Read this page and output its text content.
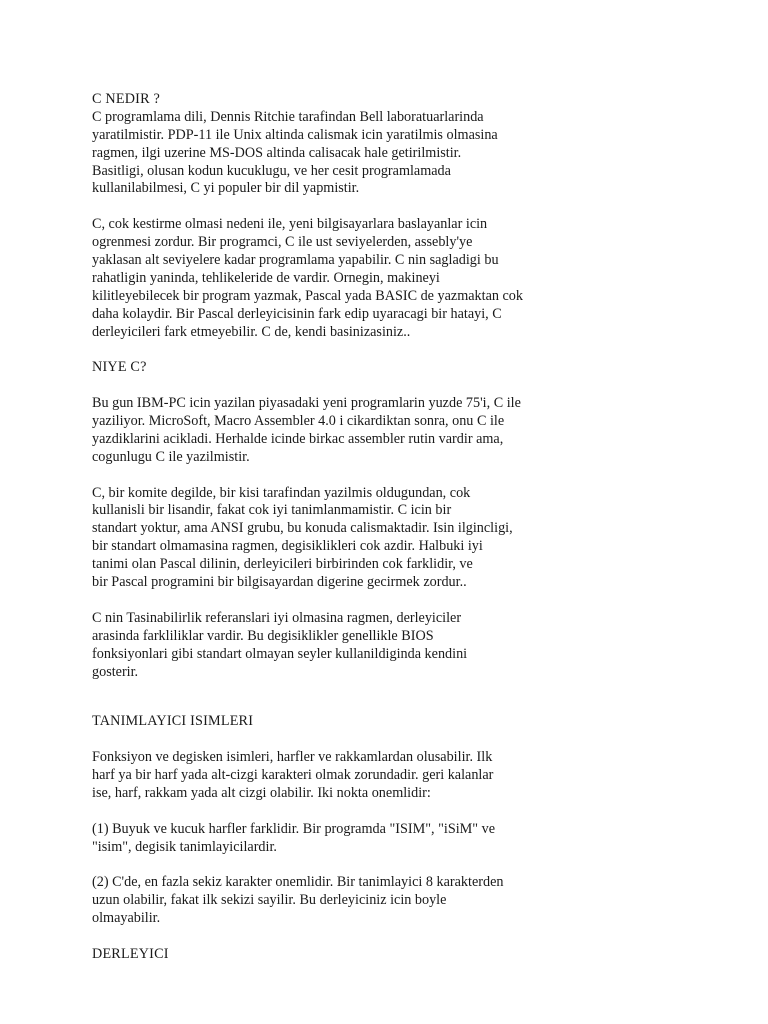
C NEDIR ?
C programlama dili, Dennis Ritchie tarafindan Bell laboratuarlarinda
yaratilmistir. PDP-11 ile Unix altinda calismak icin yaratilmis olmasina
ragmen, ilgi uzerine MS-DOS altinda calisacak hale getirilmistir.
Basitligi, olusan kodun kucuklugu, ve her cesit programlamada
kullanilabilmesi, C yi populer bir dil yapmistir.
C, cok kestirme olmasi nedeni ile, yeni bilgisayarlara baslayanlar icin
ogrenmesi zordur. Bir programci, C ile ust seviyelerden, assebly'ye
yaklasan alt seviyelere kadar programlama yapabilir. C nin sagladigi bu
rahatligin yaninda, tehlikeleride de vardir. Ornegin, makineyi
kilitleyebilecek bir program yazmak, Pascal yada BASIC de yazmaktan cok
daha kolaydir. Bir Pascal derleyicisinin fark edip uyaracagi bir hatayi, C
derleyicileri fark etmeyebilir. C de, kendi basinizasiniz..
NIYE C?
Bu gun IBM-PC icin yazilan piyasadaki yeni programlarin yuzde 75'i, C ile
yaziliyor. MicroSoft, Macro Assembler 4.0 i cikardiktan sonra, onu C ile
yazdiklarini acikladi. Herhalde icinde birkac assembler rutin vardir ama,
cogunlugu C ile yazilmistir.
C, bir komite degilde, bir kisi tarafindan yazilmis oldugundan, cok
kullanisli bir lisandir, fakat cok iyi tanimlanmamistir. C icin bir
standart yoktur, ama ANSI grubu, bu konuda calismaktadir. Isin ilgincligi,
bir standart olmamasina ragmen, degisiklikleri cok azdir. Halbuki iyi
tanimi olan Pascal dilinin, derleyicileri birbirinden cok farklidir, ve
bir Pascal programini bir bilgisayardan digerine gecirmek zordur..
C nin Tasinabilirlik referanslari iyi olmasina ragmen, derleyiciler
arasinda farkliliklar vardir. Bu degisiklikler genellikle BIOS
fonksiyonlari gibi standart olmayan seyler kullanildiginda kendini
gosterir.
TANIMLAYICI ISIMLERI
Fonksiyon ve degisken isimleri, harfler ve rakkamlardan olusabilir. Ilk
harf ya bir harf yada alt-cizgi karakteri olmak zorundadir. geri kalanlar
ise, harf, rakkam yada alt cizgi olabilir. Iki nokta onemlidir:
(1) Buyuk ve kucuk harfler farklidir. Bir programda "ISIM", "iSiM" ve
"isim", degisik tanimlayicilardir.
(2) C'de, en fazla sekiz karakter onemlidir. Bir tanimlayici 8 karakterden
uzun olabilir, fakat ilk sekizi sayilir. Bu derleyiciniz icin boyle
olmayabilir.
DERLEYICI
